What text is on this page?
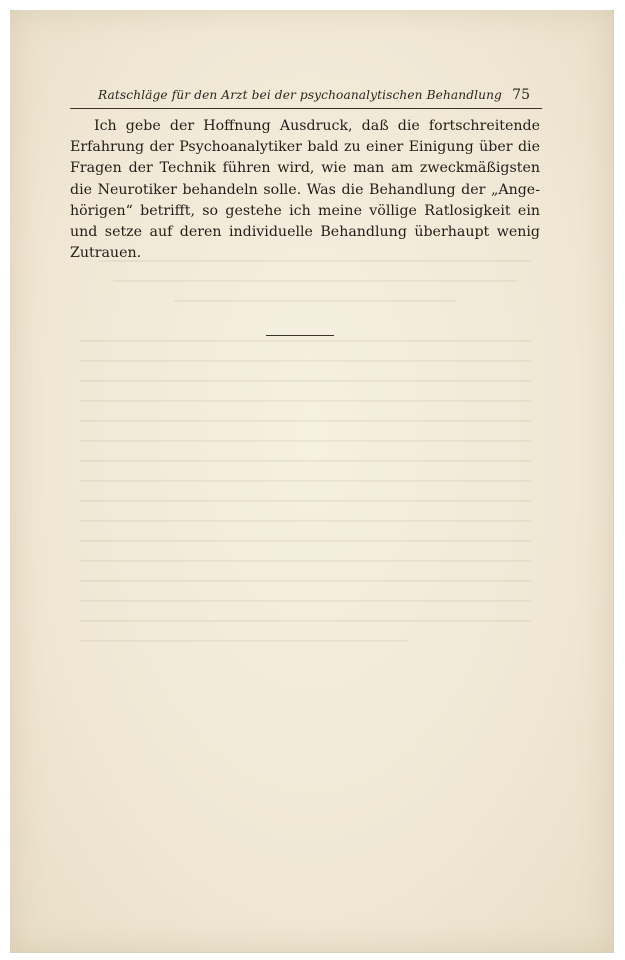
Ratschläge für den Arzt bei der psychoanalytischen Behandlung 75
Ich gebe der Hoffnung Ausdruck, daß die fortschreitende
Erfahrung der Psychoanalytiker bald zu einer Einigung über die
Fragen der Technik führen wird, wie man am zweckmäßigsten
die Neurotiker behandeln solle. Was die Behandlung der „Ange-
hörigen“ betrifft, so gestehe ich meine völlige Ratlosigkeit ein
und setze auf deren individuelle Behandlung überhaupt wenig
Zutrauen.
